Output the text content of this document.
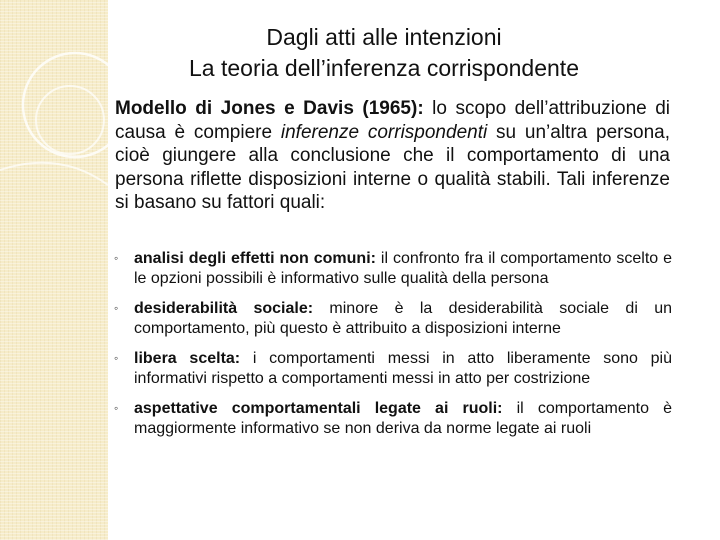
Dagli atti alle intenzioni
La teoria dell’inferenza corrispondente
Modello di Jones e Davis (1965): lo scopo dell’attribuzione di causa è compiere inferenze corrispondenti su un’altra persona, cioè giungere alla conclusione che il comportamento di una persona riflette disposizioni interne o qualità stabili. Tali inferenze si basano su fattori quali:
◦ analisi degli effetti non comuni: il confronto fra il comportamento scelto e le opzioni possibili è informativo sulle qualità della persona
◦ desiderabilità sociale: minore è la desiderabilità sociale di un comportamento, più questo è attribuito a disposizioni interne
◦ libera scelta: i comportamenti messi in atto liberamente sono più informativi rispetto a comportamenti messi in atto per costrizione
◦ aspettative comportamentali legate ai ruoli: il comportamento è maggiormente informativo se non deriva da norme legate ai ruoli
